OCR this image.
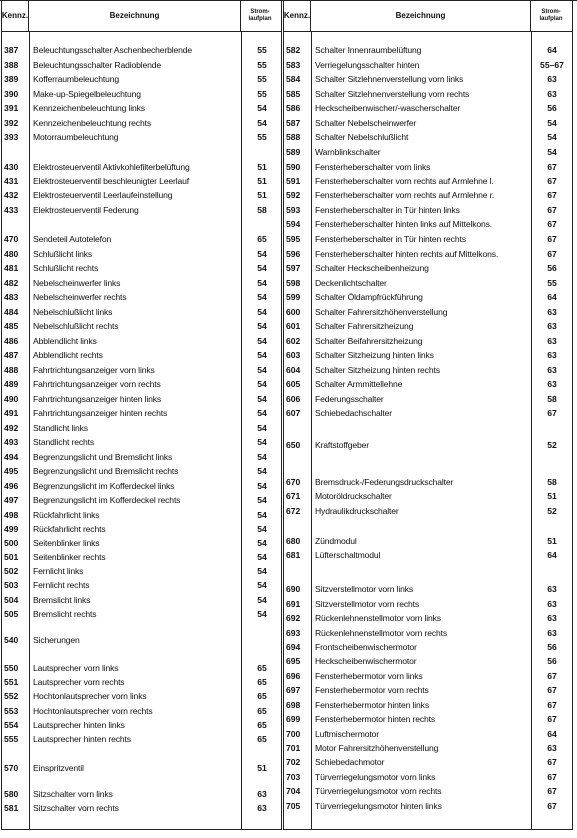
Kennz.	Bezeichnung	Strom-
laufplan
387 Beleuchtungsschalter Aschenbecherblende	55
388 Beleuchtungsschalter Radioblende	55
389 Kofferraumbeleuchtung	55
390 Make-up-Spiegelbeleuchtung	55
391 Kennzeichenbeleuchtung links	54
392 Kennzeichenbeleuchtung rechts	54
393 Motorraumbeleuchtung	55
430 Elektrosteuerventil Aktivkohlefilterbelüftung	51
431 Elektrosteuerventil beschleunigter Leerlauf	51
432 Elektrosteuerventil Leerlaufeinstellung	51
433 Elektrosteuerventil Federung	58
470 Sendeteil Autotelefon	65
480 Schlußlicht links	54
481 Schlußlicht rechts	54
482 Nebelscheinwerfer links	54
483 Nebelscheinwerfer rechts	54
484 Nebelschlußlicht links	54
485 Nebelschlußlicht rechts	54
486 Abblendlicht links	54
487 Abblendlicht rechts	54
488 Fahrtrichtungsanzeiger vorn links	54
489 Fahrtrichtungsanzeiger vorn rechts	54
490 Fahrtrichtungsanzeiger hinten links	54
491 Fahrtrichtungsanzeiger hinten rechts	54
492 Standlicht links	54
493 Standlicht rechts	54
494 Begrenzungslicht und Bremslicht links	54
495 Begrenzungslicht und Bremslicht rechts	54
496 Begrenzungslicht im Kofferdeckel links	54
497 Begrenzungslicht im Kofferdeckel rechts	54
498 Rückfahrlicht links	54
499 Rückfahrlicht rechts	54
500 Seitenblinker links	54
501 Seitenblinker rechts	54
502 Fernlicht links	54
503 Fernlicht rechts	54
504 Bremslicht links	54
505 Bremslicht rechts	54
540 Sicherungen
550 Lautsprecher vorn links	65
551 Lautsprecher vorn rechts	65
552 Hochtonlautsprecher vorn links	65
553 Hochtonlautsprecher vorn rechts	65
554 Lautsprecher hinten links	65
555 Lautsprecher hinten rechts	65
570 Einspritzventil	51
580 Sitzschalter vorn links	63
581 Sitzschalter vorn rechts	63
Kennz.	Bezeichnung	Strom-
laufplan
582 Schalter Innenraumbelüftung	64
583 Verriegelungsschalter hinten	55–67
584 Schalter Sitzlehnenverstellung vorn links	63
585 Schalter Sitzlehnenverstellung vorn rechts	63
586 Heckscheibenwischer/-wascherschalter	56
587 Schalter Nebelscheinwerfer	54
588 Schalter Nebelschlußlicht	54
589 Warnblinkschalter	54
590 Fensterheberschalter vorn links	67
591 Fensterheberschalter vorn rechts auf Armlehne l.	67
592 Fensterheberschalter vorn rechts auf Armlehne r.	67
593 Fensterheberschalter in Tür hinten links	67
594 Fensterheberschalter hinten links auf Mittelkons.	67
595 Fensterheberschalter in Tür hinten rechts	67
596 Fensterheberschalter hinten rechts auf Mittelkons.	67
597 Schalter Heckscheibenheizung	56
598 Deckenlichtschalter	55
599 Schalter Öldampfrückführung	64
600 Schalter Fahrersitzhöhenverstellung	63
601 Schalter Fahrersitzheizung	63
602 Schalter Beifahrersitzheizung	63
603 Schalter Sitzheizung hinten links	63
604 Schalter Sitzheizung hinten rechts	63
605 Schalter Armmittellehne	63
606 Federungsschalter	58
607 Schiebedachschalter	67
650 Kraftstoffgeber	52
670 Bremsdruck-/Federungsdruckschalter	58
671 Motoröldruckschalter	51
672 Hydraulikdruckschalter	52
680 Zündmodul	51
681 Lüfterschaltmodul	64
690 Sitzverstellmotor vorn links	63
691 Sitzverstellmotor vorn rechts	63
692 Rückenlehnenstellmotor vorn links	63
693 Rückenlehnenstellmotor vorn rechts	63
694 Frontscheibenwischermotor	56
695 Heckscheibenwischermotor	56
696 Fensterhebermotor vorn links	67
697 Fensterhebermotor vorn rechts	67
698 Fensterhebermotor hinten links	67
699 Fensterhebermotor hinten rechts	67
700 Luftmischermotor	64
701 Motor Fahrersitzhöhenverstellung	63
702 Schiebedachmotor	67
703 Türverriegelungsmotor vorn links	67
704 Türverriegelungsmotor vorn rechts	67
705 Türverriegelungsmotor hinten links	67
